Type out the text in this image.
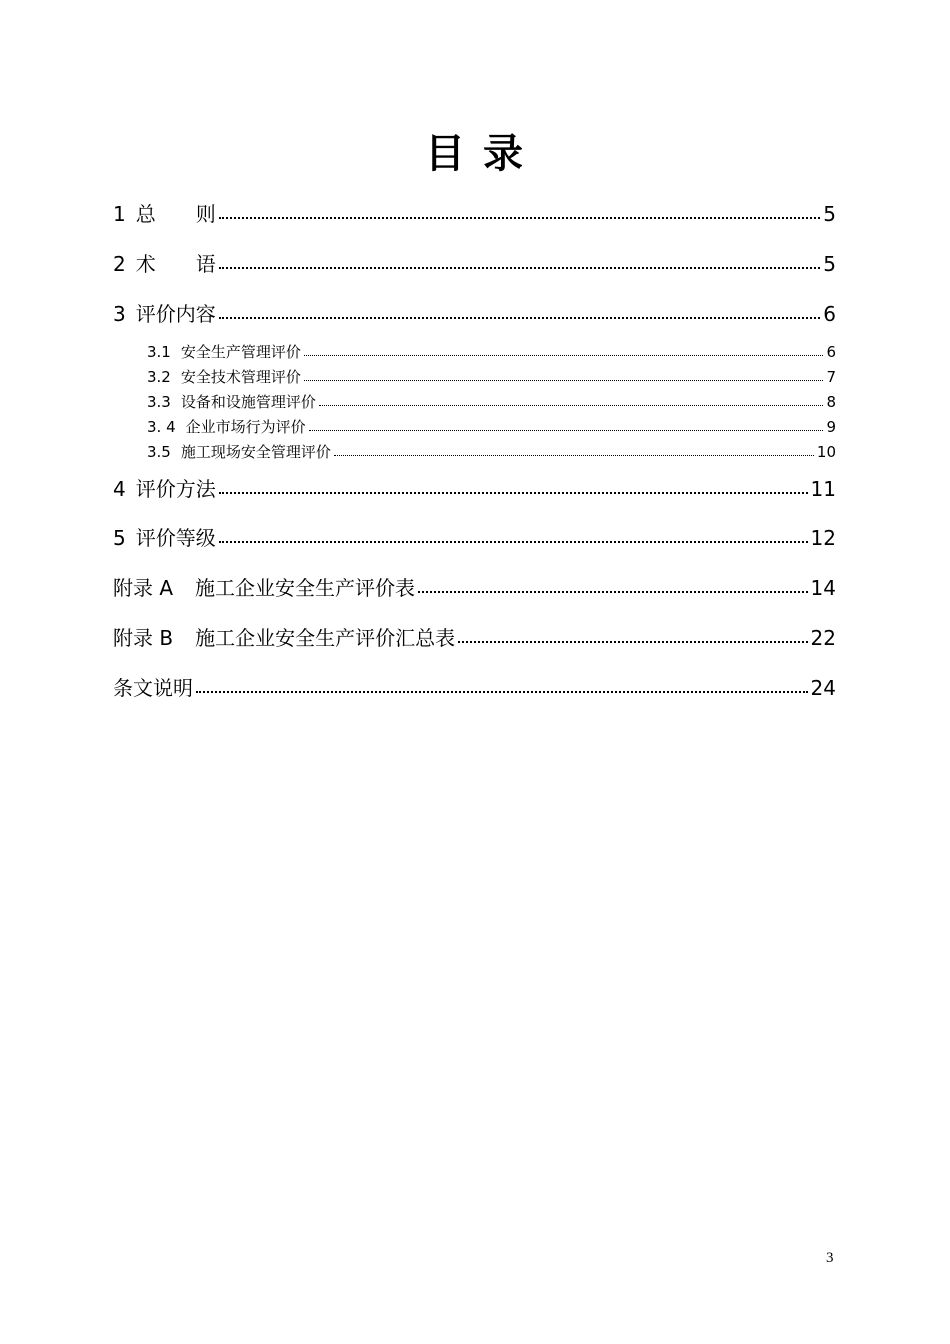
目 录
1 总　　则	5
2 术　　语	5
3 评价内容	6
3.1 安全生产管理评价	6
3.2 安全技术管理评价	7
3.3 设备和设施管理评价	8
3. 4 企业市场行为评价	9
3.5 施工现场安全管理评价	10
4 评价方法	11
5 评价等级	12
附录 A 施工企业安全生产评价表	14
附录 B 施工企业安全生产评价汇总表	22
条文说明	24
3
